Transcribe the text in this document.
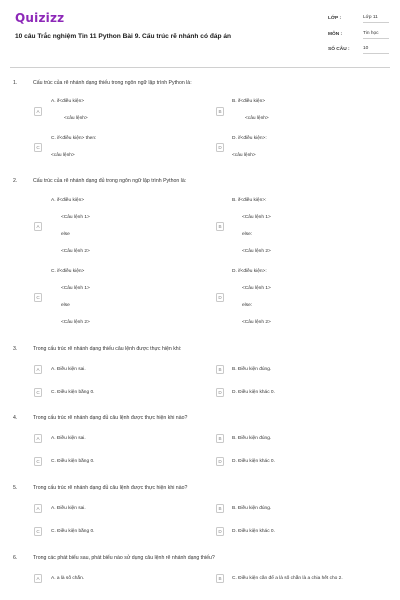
Quizizz
10 câu Trắc nghiệm Tin 11 Python Bài 9. Cấu trúc rẽ nhánh có đáp án
LỚP :	Lớp 11
MÔN :	Tin học
SỐ CÂU :	10
1.	Cấu trúc của rẽ nhánh dạng thiếu trong ngôn ngữ lập trình Python là:
A. if<điều kiện>
A
<câu lệnh>
B. if<điều kiện>
B
<câu lệnh>
C. if<điều kiện> then:
C
<câu lệnh>
D. if<điều kiện>:
D
<câu lệnh>
2.	Cấu trúc của rẽ nhánh dạng đủ trong ngôn ngữ lập trình Python là:
A. if<điều kiện>
<Câu lệnh 1>
A
else
<Câu lệnh 2>
B. if<điều kiện>:
<Câu lệnh 1>
B
else:
<Câu lệnh 2>
C. if<điều kiện>
<Câu lệnh 1>
C
else
<Câu lệnh 2>
D. if<điều kiện>:
<Câu lệnh 1>
D
else:
<Câu lệnh 2>
3.	Trong cấu trúc rẽ nhánh dạng thiếu câu lệnh được thực hiện khi:
A	A. Điều kiện sai.	B	B. Điều kiện đúng.
C	C. Điều kiện bằng 0.	D	D. Điều kiện khác 0.
4.	Trong cấu trúc rẽ nhánh dạng đủ câu lệnh được thực hiện khi nào?
A	A. Điều kiện sai.	B	B. Điều kiện đúng.
C	C. Điều kiện bằng 0.	D	D. Điều kiện khác 0.
5.	Trong cấu trúc rẽ nhánh dạng đủ câu lệnh được thực hiện khi nào?
A	A. Điều kiện sai.	B	B. Điều kiện đúng.
C	C. Điều kiện bằng 0.	D	D. Điều kiện khác 0.
6.	Trong các phát biểu sau, phát biểu nào sử dụng câu lệnh rẽ nhánh dạng thiếu?
A	A. a là số chẵn.	B	C. Điều kiện cần để a là số chẵn là a chia hết cho 2.
